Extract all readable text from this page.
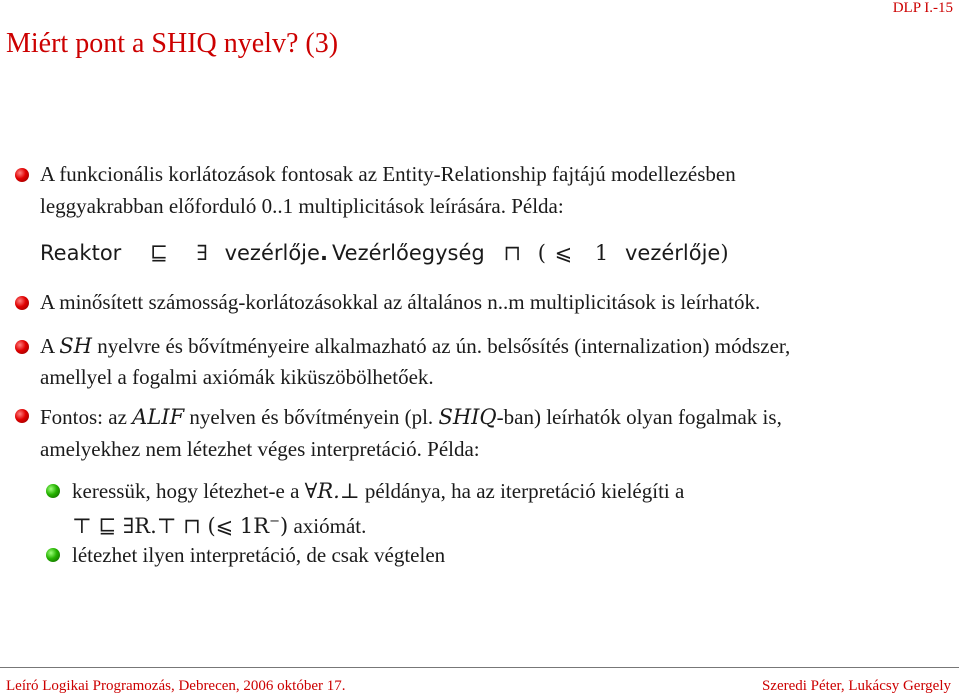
DLP I.-15
Miért pont a SHIQ nyelv? (3)
A funkcionális korlátozások fontosak az Entity-Relationship fajtájú modellezésben
leggyakrabban előforduló 0..1 multiplicitások leírására. Példa:
Reaktor ⊑ ∃ vezérlője. Vezérlőegység ⊓ ( ⩽ 1 vezérlője)
A minősített számosság-korlátozásokkal az általános n..m multiplicitások is leírhatók.
A SH nyelvre és bővítményeire alkalmazható az ún. belsősítés (internalization) módszer,
amellyel a fogalmi axiómák kiküszöbölhetőek.
Fontos: az ALIF nyelven és bővítményein (pl. SHIQ-ban) leírhatók olyan fogalmak is,
amelyekhez nem létezhet véges interpretáció. Példa:
keressük, hogy létezhet-e a ∀R.⊥ példánya, ha az iterpretáció kielégíti a
⊤ ⊑ ∃R.⊤ ⊓ (⩽ 1R−) axiómát.
létezhet ilyen interpretáció, de csak végtelen
Leíró Logikai Programozás, Debrecen, 2006 október 17.	Szeredi Péter, Lukácsy Gergely
